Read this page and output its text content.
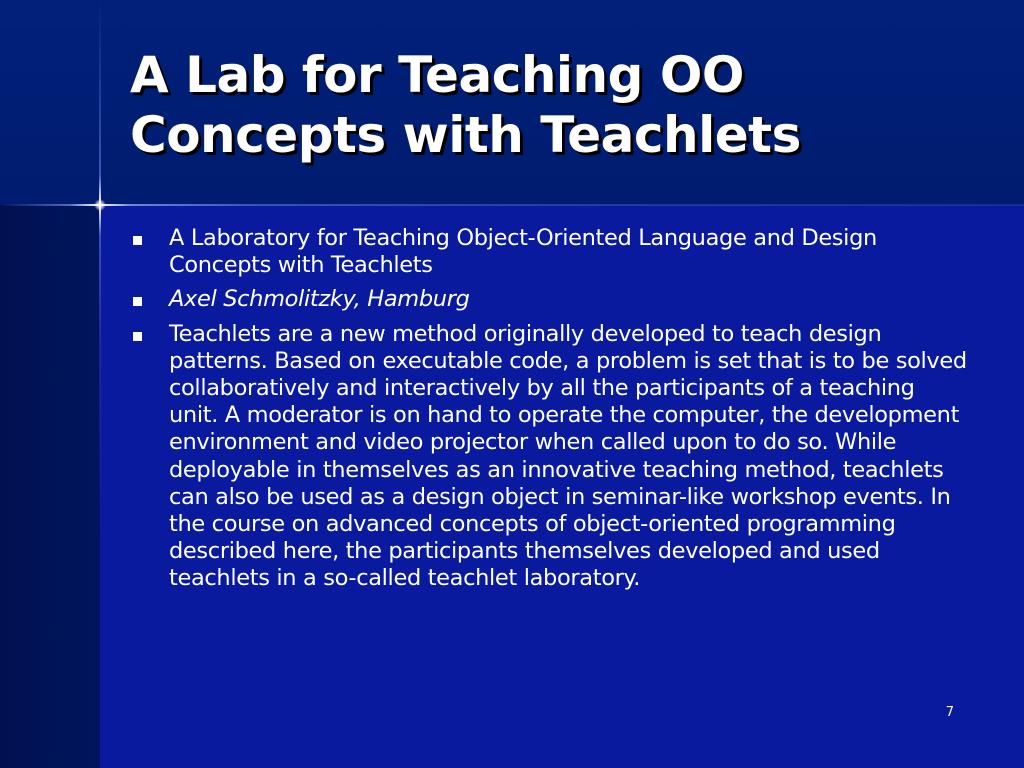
A Lab for Teaching OO Concepts with Teachlets
A Laboratory for Teaching Object-Oriented Language and Design Concepts with Teachlets
Axel Schmolitzky, Hamburg
Teachlets are a new method originally developed to teach design patterns. Based on executable code, a problem is set that is to be solved collaboratively and interactively by all the participants of a teaching unit. A moderator is on hand to operate the computer, the development environment and video projector when called upon to do so. While deployable in themselves as an innovative teaching method, teachlets can also be used as a design object in seminar-like workshop events. In the course on advanced concepts of object-oriented programming described here, the participants themselves developed and used teachlets in a so-called teachlet laboratory.
7
